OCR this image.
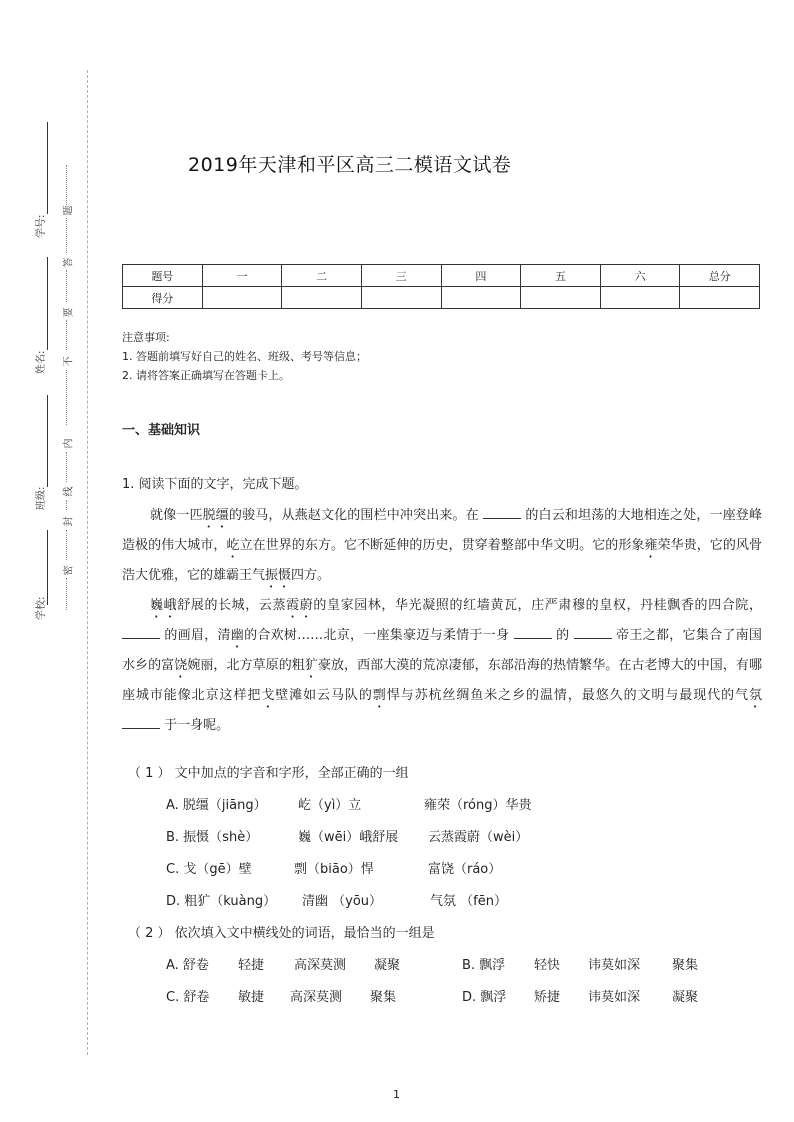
学号:
姓名:
班级:
学校:
题
答
要
不
内
线
封
密
2019年天津和平区高三二模语文试卷
题号	一	二	三	四	五	六	总分
得分							
注意事项:
1. 答题前填写好自己的姓名、班级、考号等信息；
2. 请将答案正确填写在答题卡上。
一、基础知识
1. 阅读下面的文字，完成下题。

就像一匹脱缰的骏马，从燕赵文化的围栏中冲突出来。在	的白云和坦荡的大地相连之处，一座登峰造极的伟大城市，屹立在世界的东方。它不断延伸的历史，贯穿着整部中华文明。它的形象雍荣华贵，它的风骨浩大优雅，它的雄霸王气振慑四方。

巍峨舒展的长城，云蒸霞蔚的皇家园林，华光凝照的红墙黄瓦，庄严肃穆的皇权，丹桂飘香的四合院，  的画眉，清幽的合欢树……北京，一座集豪迈与柔情于一身	的	帝王之都，它集合了南国水乡的富饶婉丽，北方草原的粗犷豪放，西部大漠的荒凉凄郁，东部沿海的热情繁华。在古老博大的中国，有哪座城市能像北京这样把戈壁滩如云马队的剽悍与苏杭丝绸鱼米之乡的温情，最悠久的文明与最现代的气氛  于一身呢。

（ 1 ） 文中加点的字音和字形，全部正确的一组
A. 脱缰（jiāng） 屹（yì）立	雍荣（róng）华贵
B. 振慑（shè）	巍（wēi）峨舒展 云蒸霞蔚（wèi）
C. 戈（gē）壁	剽（biāo）悍	富饶（ráo）
D. 粗犷（kuàng） 清幽 （yōu）	气氛 （fēn）
（ 2 ） 依次填入文中横线处的词语，最恰当的一组是
A. 舒卷 轻捷 高深莫测 凝聚	B. 飘浮 轻快 讳莫如深 聚集
C. 舒卷 敏捷 高深莫测 聚集	D. 飘浮 矫捷 讳莫如深 凝聚
1
